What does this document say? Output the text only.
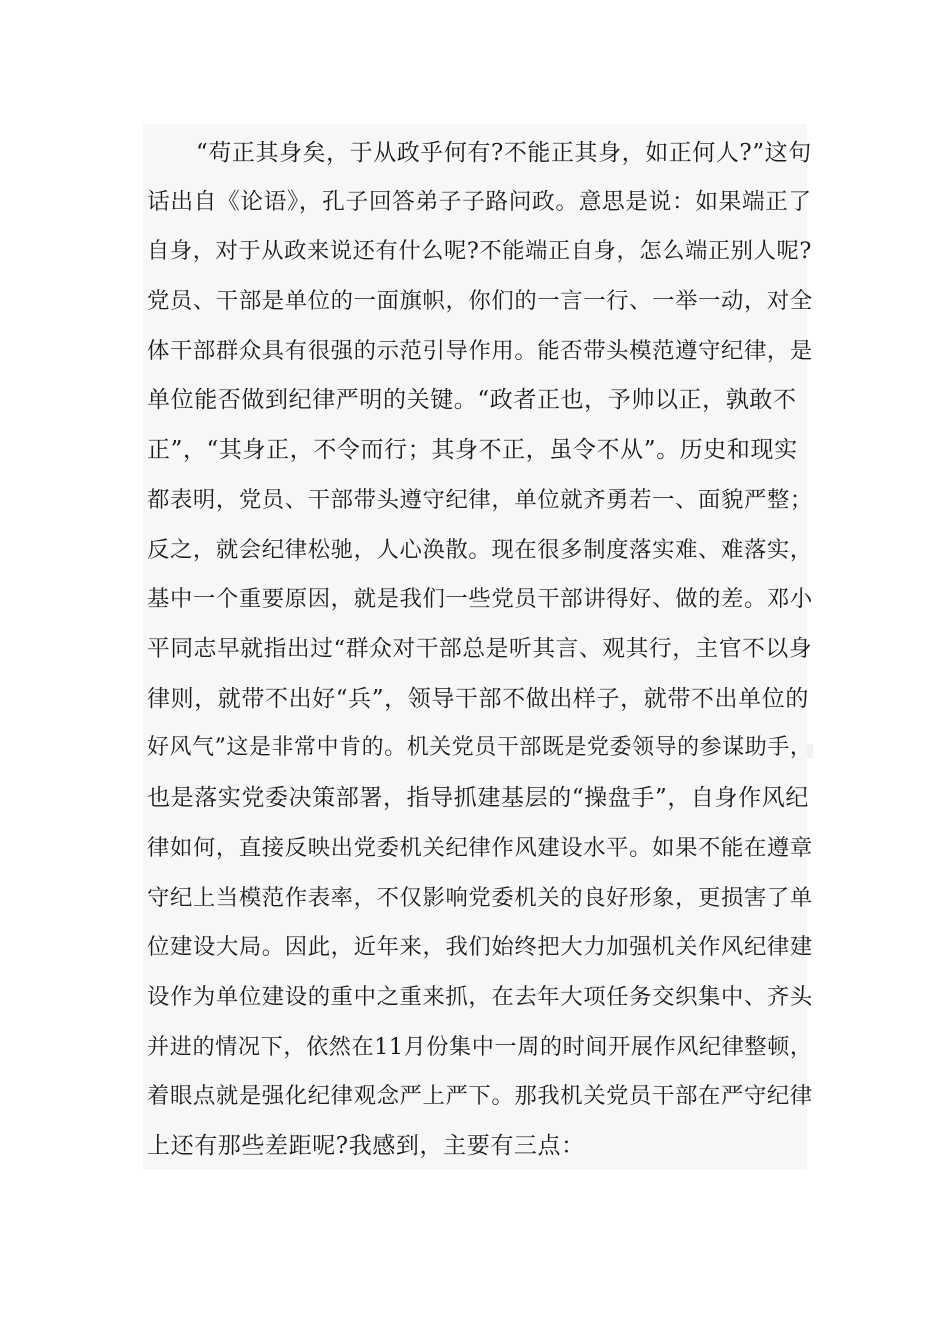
“苟正其身矣，于从政乎何有?不能正其身，如正何人?”这句
话出自《论语》，孔子回答弟子子路问政。意思是说：如果端正了
自身，对于从政来说还有什么呢?不能端正自身，怎么端正别人呢?
党员、干部是单位的一面旗帜，你们的一言一行、一举一动，对全
体干部群众具有很强的示范引导作用。能否带头模范遵守纪律，是
单位能否做到纪律严明的关键。“政者正也，予帅以正，孰敢不
正”，“其身正，不令而行；其身不正，虽令不从”。历史和现实
都表明，党员、干部带头遵守纪律，单位就齐勇若一、面貌严整；
反之，就会纪律松驰，人心涣散。现在很多制度落实难、难落实，
基中一个重要原因，就是我们一些党员干部讲得好、做的差。邓小
平同志早就指出过“群众对干部总是听其言、观其行，主官不以身
律则，就带不出好“兵”，领导干部不做出样子，就带不出单位的
好风气”这是非常中肯的。机关党员干部既是党委领导的参谋助手，
也是落实党委决策部署，指导抓建基层的“操盘手”，自身作风纪
律如何，直接反映出党委机关纪律作风建设水平。如果不能在遵章
守纪上当模范作表率，不仅影响党委机关的良好形象，更损害了单
位建设大局。因此，近年来，我们始终把大力加强机关作风纪律建
设作为单位建设的重中之重来抓，在去年大项任务交织集中、齐头
并进的情况下，依然在11月份集中一周的时间开展作风纪律整顿，
着眼点就是强化纪律观念严上严下。那我机关党员干部在严守纪律
上还有那些差距呢?我感到，主要有三点：
